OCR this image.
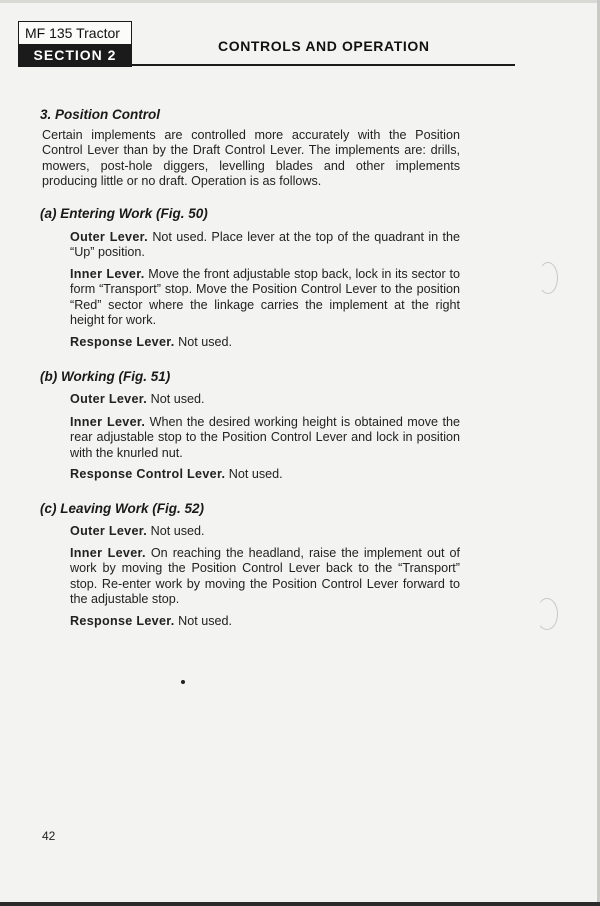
MF 135 Tractor
SECTION 2
CONTROLS AND OPERATION
3. Position Control
Certain implements are controlled more accurately with the Position Control Lever than by the Draft Control Lever. The implements are: drills, mowers, post-hole diggers, levelling blades and other implements producing little or no draft. Operation is as follows.
(a) Entering Work (Fig. 50)
Outer Lever. Not used. Place lever at the top of the quadrant in the “Up” position.
Inner Lever. Move the front adjustable stop back, lock in its sector to form “Transport” stop. Move the Position Control Lever to the position “Red” sector where the linkage carries the implement at the right height for work.
Response Lever. Not used.
(b) Working (Fig. 51)
Outer Lever. Not used.
Inner Lever. When the desired working height is obtained move the rear adjustable stop to the Position Control Lever and lock in position with the knurled nut.
Response Control Lever. Not used.
(c) Leaving Work (Fig. 52)
Outer Lever. Not used.
Inner Lever. On reaching the headland, raise the implement out of work by moving the Position Control Lever back to the “Transport” stop. Re-enter work by moving the Position Control Lever forward to the adjustable stop.
Response Lever. Not used.
42
